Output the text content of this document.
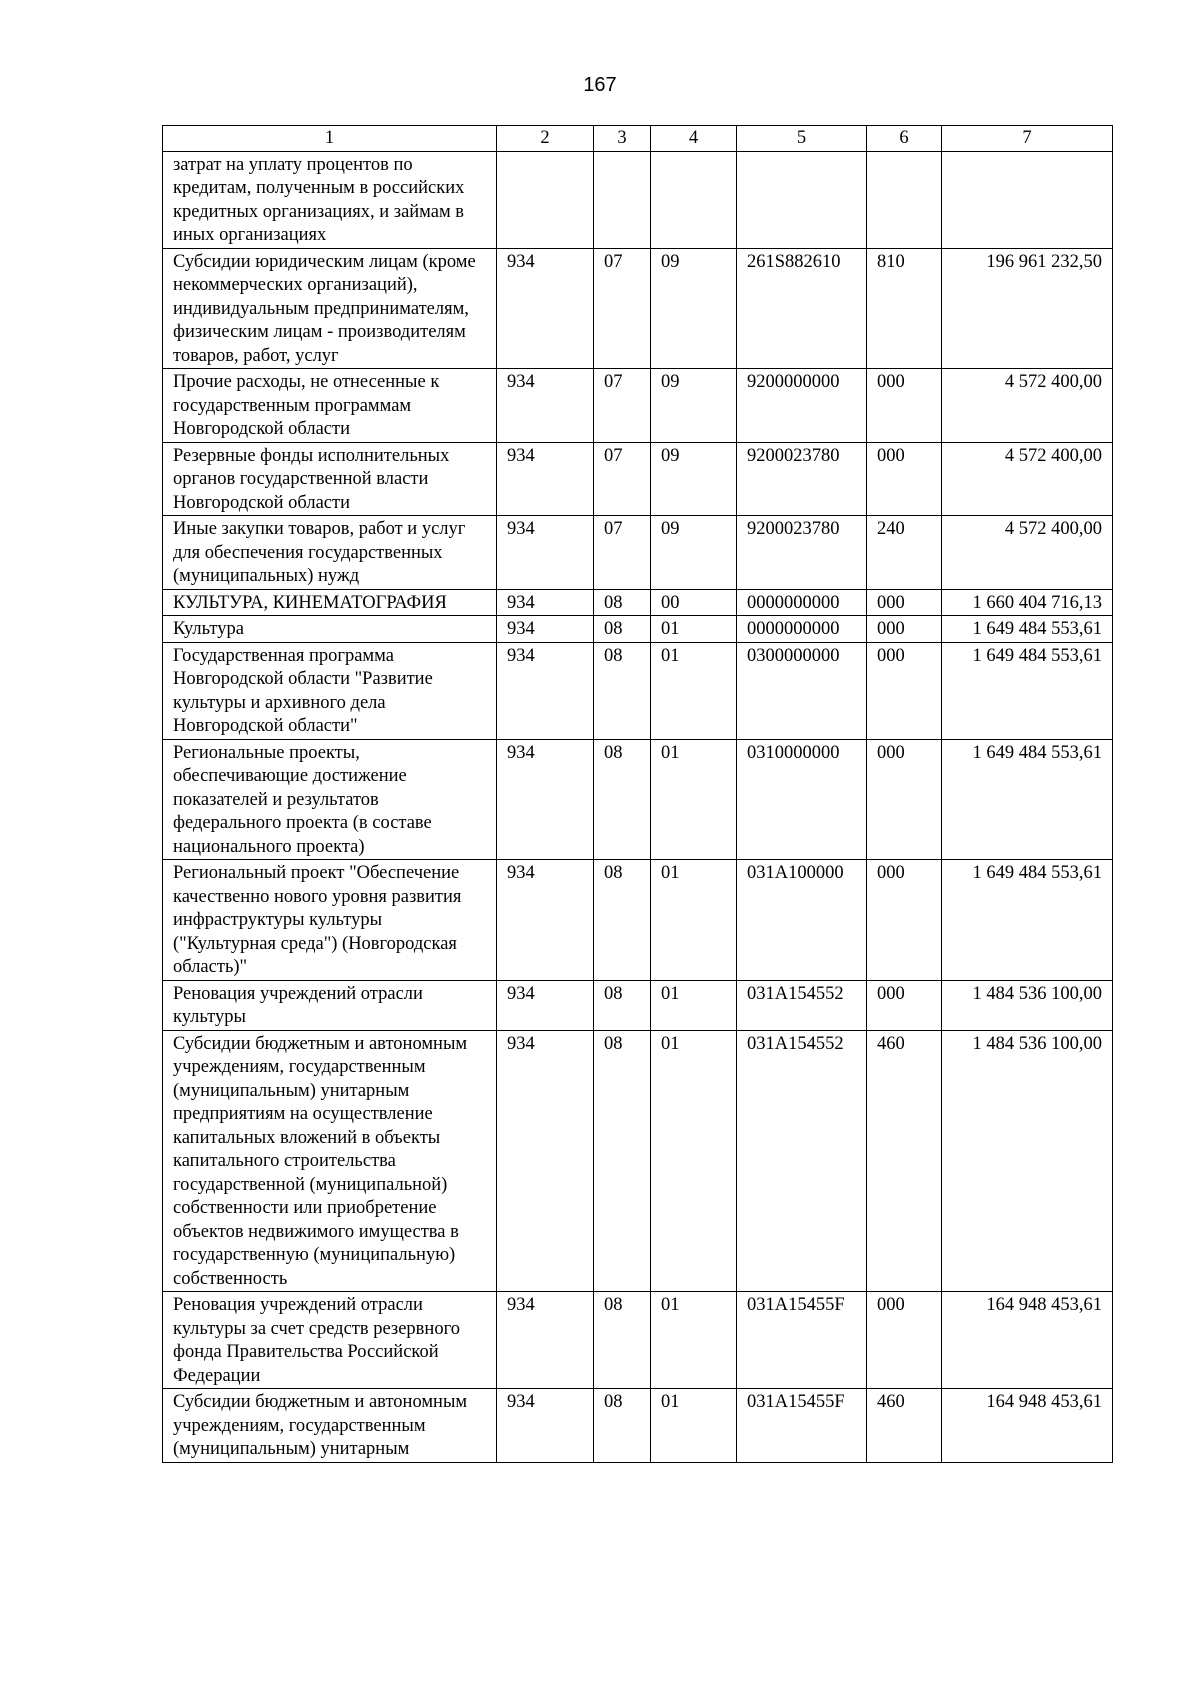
167
1	2	3	4	5	6	7
затрат на уплату процентов по кредитам, полученным в российских кредитных организациях, и займам в иных организациях						
Субсидии юридическим лицам (кроме некоммерческих организаций), индивидуальным предпринимателям, физическим лицам - производителям товаров, работ, услуг	934	07	09	261S882610	810	196 961 232,50
Прочие расходы, не отнесенные к государственным программам Новгородской области	934	07	09	9200000000	000	4 572 400,00
Резервные фонды исполнительных органов государственной власти Новгородской области	934	07	09	9200023780	000	4 572 400,00
Иные закупки товаров, работ и услуг для обеспечения государственных (муниципальных) нужд	934	07	09	9200023780	240	4 572 400,00
КУЛЬТУРА, КИНЕМАТОГРАФИЯ	934	08	00	0000000000	000	1 660 404 716,13
Культура	934	08	01	0000000000	000	1 649 484 553,61
Государственная программа Новгородской области "Развитие культуры и архивного дела Новгородской области"	934	08	01	0300000000	000	1 649 484 553,61
Региональные проекты, обеспечивающие достижение показателей и результатов федерального проекта (в составе национального проекта)	934	08	01	0310000000	000	1 649 484 553,61
Региональный проект "Обеспечение качественно нового уровня развития инфраструктуры культуры ("Культурная среда") (Новгородская область)"	934	08	01	031A100000	000	1 649 484 553,61
Реновация учреждений отрасли культуры	934	08	01	031A154552	000	1 484 536 100,00
Субсидии бюджетным и автономным учреждениям, государственным (муниципальным) унитарным предприятиям на осуществление капитальных вложений в объекты капитального строительства государственной (муниципальной) собственности или приобретение объектов недвижимого имущества в государственную (муниципальную) собственность	934	08	01	031A154552	460	1 484 536 100,00
Реновация учреждений отрасли культуры за счет средств резервного фонда Правительства Российской Федерации	934	08	01	031A15455F	000	164 948 453,61
Субсидии бюджетным и автономным учреждениям, государственным (муниципальным) унитарным	934	08	01	031A15455F	460	164 948 453,61
